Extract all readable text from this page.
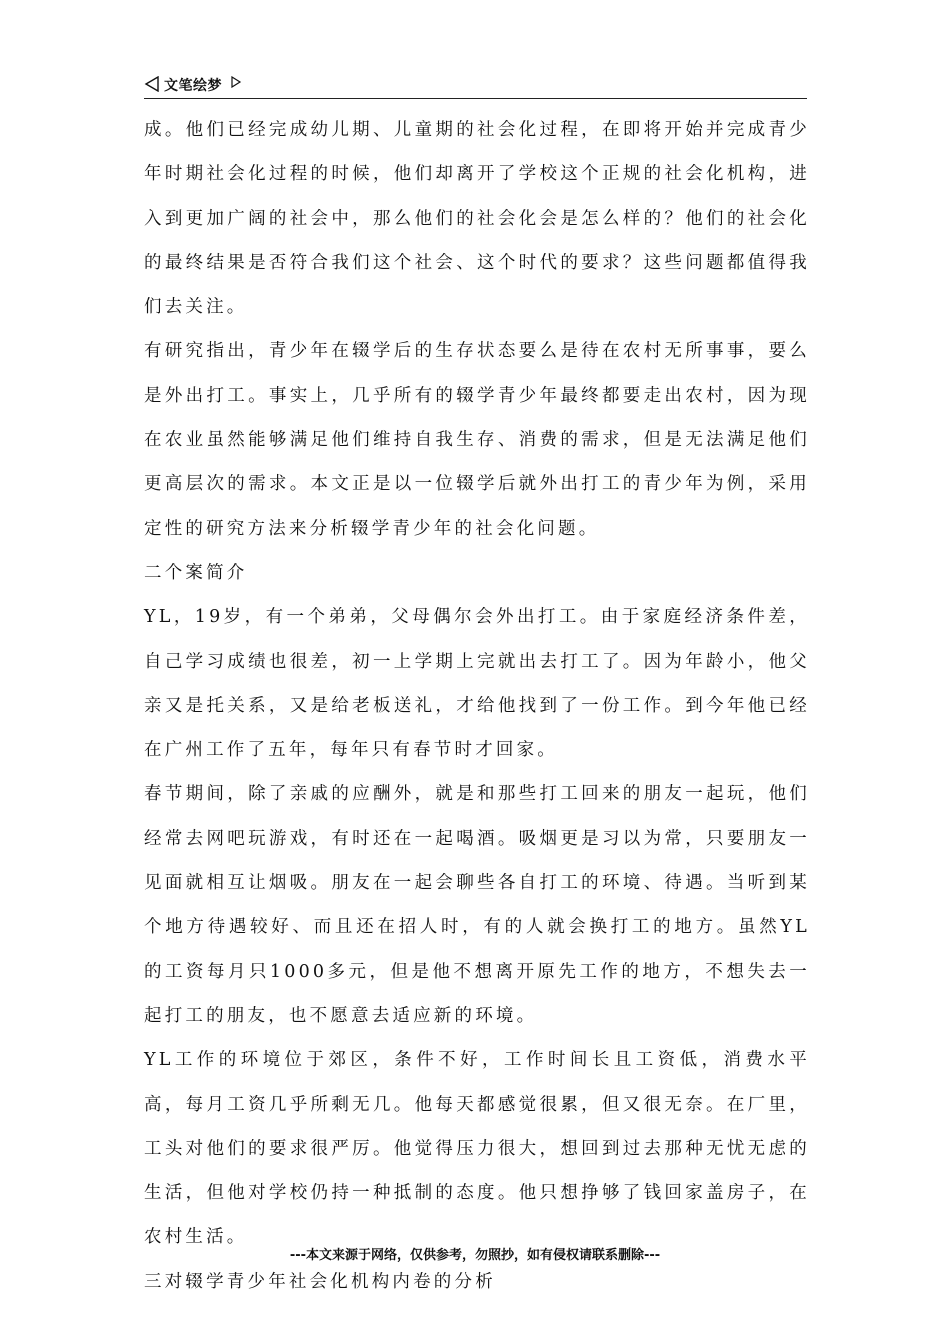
文笔绘梦

成。他们已经完成幼儿期、儿童期的社会化过程，在即将开始并完成青少年时期社会化过程的时候，他们却离开了学校这个正规的社会化机构，进入到更加广阔的社会中，那么他们的社会化会是怎么样的？他们的社会化的最终结果是否符合我们这个社会、这个时代的要求？这些问题都值得我们去关注。

有研究指出，青少年在辍学后的生存状态要么是待在农村无所事事，要么是外出打工。事实上，几乎所有的辍学青少年最终都要走出农村，因为现在农业虽然能够满足他们维持自我生存、消费的需求，但是无法满足他们更高层次的需求。本文正是以一位辍学后就外出打工的青少年为例，采用定性的研究方法来分析辍学青少年的社会化问题。

二个案简介

YL，19岁，有一个弟弟，父母偶尔会外出打工。由于家庭经济条件差，自己学习成绩也很差，初一上学期上完就出去打工了。因为年龄小，他父亲又是托关系，又是给老板送礼，才给他找到了一份工作。到今年他已经在广州工作了五年，每年只有春节时才回家。

春节期间，除了亲戚的应酬外，就是和那些打工回来的朋友一起玩，他们经常去网吧玩游戏，有时还在一起喝酒。吸烟更是习以为常，只要朋友一见面就相互让烟吸。朋友在一起会聊些各自打工的环境、待遇。当听到某个地方待遇较好、而且还在招人时，有的人就会换打工的地方。虽然YL的工资每月只1000多元，但是他不想离开原先工作的地方，不想失去一起打工的朋友，也不愿意去适应新的环境。

YL工作的环境位于郊区，条件不好，工作时间长且工资低，消费水平高，每月工资几乎所剩无几。他每天都感觉很累，但又很无奈。在厂里，工头对他们的要求很严厉。他觉得压力很大，想回到过去那种无忧无虑的生活，但他对学校仍持一种抵制的态度。他只想挣够了钱回家盖房子，在农村生活。

三对辍学青少年社会化机构内卷的分析

---本文来源于网络，仅供参考，勿照抄，如有侵权请联系删除---
